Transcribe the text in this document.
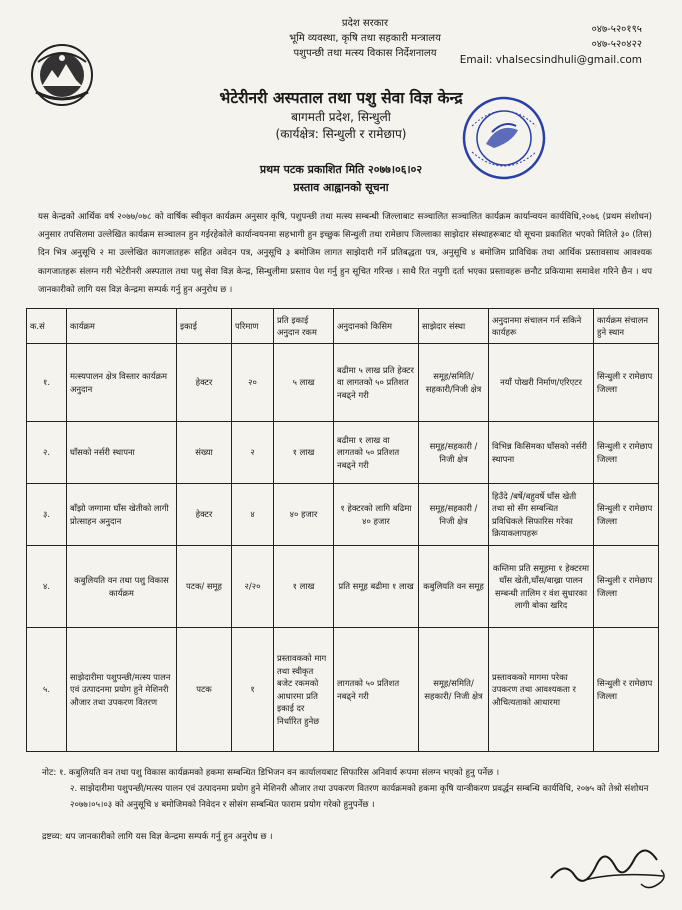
प्रदेश सरकार
भूमि व्यवस्था, कृषि तथा सहकारी मन्त्रालय
पशुपन्छी तथा मत्स्य विकास निर्देशनालय
०४७-५२०१९५
०४७-५२०४२२
Email: vhalsecsindhuli@gmail.com
भेटेरीनरी अस्पताल तथा पशु सेवा विज्ञ केन्द्र
बागमती प्रदेश, सिन्धुली
(कार्यक्षेत्र: सिन्धुली र रामेछाप)
प्रथम पटक प्रकाशित मिति २०७७।०६।०२
प्रस्ताव आह्वानको सूचना
यस केन्द्रको आर्थिक वर्ष २०७७/०७८ को वार्षिक स्वीकृत कार्यक्रम अनुसार कृषि, पशुपन्छी तथा मत्स्य सम्बन्धी जिल्लाबाट सञ्चालित सञ्चालित कार्यक्रम कार्यान्वयन कार्यविधि,२०७६ (प्रथम संशोधन) अनुसार तपसिलमा उल्लेखित कार्यक्रम सञ्चालन हुन गईरहेकोले कार्यान्वयनमा सहभागी हुन इच्छुक सिन्धुली तथा रामेछाप जिल्लाका साझेदार संस्थाहरूबाट यो सूचना प्रकाशित भएको मितिले ३० (तिस) दिन भित्र अनुसूचि २ मा उल्लेखित कागजातहरू सहित अवेदन पत्र, अनुसूचि ३ बमोजिम लागत साझेदारी गर्ने प्रतिबद्धता पत्र, अनुसूचि ४ बमोजिम प्राविधिक तथा आर्थिक प्रस्तावसाथ आवश्यक कागजातहरू संलग्न गरी भेटेरीनरी अस्पताल तथा पशु सेवा विज्ञ केन्द्र, सिन्धुलीमा प्रस्ताव पेश गर्नु हुन सूचित गरिन्छ । साथै रित नपुगी दर्ता भएका प्रस्तावहरू छनौट प्रकियामा समावेश गरिने छैन । थप जानकारीको लागि यस विज्ञ केन्द्रमा सम्पर्क गर्नु हुन अनुरोध छ ।
क.सं	कार्यक्रम	इकाई	परिमाण	प्रति इकाई अनुदान रकम	अनुदानको किसिम	साझेदार संस्था	अनुदानमा संचालन गर्न सकिने कार्यहरू	कार्यक्रम संचालन हुने स्थान
१.	मत्स्यपालन क्षेत्र विस्तार कार्यक्रम अनुदान	हेक्टर	२०	५ लाख	बढीमा ५ लाख प्रति हेक्टर वा लागतको ५० प्रतिशत नबढ्ने गरी	समूह/समिति/ सहकारी/निजी क्षेत्र	नयाँ पोखरी निर्माण/एरिएटर	सिन्धुली र रामेछाप जिल्ला
२.	घाँसको नर्सरी स्थापना	संख्या	२	१ लाख	बढीमा १ लाख वा लागतको ५० प्रतिशत नबढ्ने गरी	समूह/सहकारी / निजी क्षेत्र	विभिन्न किसिमका घाँसको नर्सरी स्थापना	सिन्धुली र रामेछाप जिल्ला
३.	बाँझो जग्गामा घाँस खेतीको लागी प्रोत्साहन अनुदान	हेक्टर	४	४० हजार	१ हेक्टरको लागि बढिमा ४० हजार	समूह/सहकारी / निजी क्षेत्र	हिउँदे /बर्षे/बहुवर्षे घाँस खेती तथा सो सँग सम्बन्धित प्रविधिकले सिफारिस गरेका क्रियाकलापहरू	सिन्धुली र रामेछाप जिल्ला
४.	कबुलियति वन तथा पशु विकास कार्यक्रम	पटक/ समूह	२/२०	१ लाख	प्रति समूह बढीमा १ लाख	कबुलियति वन समूह	कम्तिमा प्रति समूहमा १ हेक्टरमा घाँस खेती,घाँस/बाख्रा पालन सम्बन्धी तालिम र वंश सुधारका लागी बोका खरिद	सिन्धुली र रामेछाप जिल्ला
५.	साझेदारीमा पशुपन्छी/मत्स्य पालन एवं उत्पादनमा प्रयोग हुने मेशिनरी औजार तथा उपकरण वितरण	पटक	१	प्रस्तावकको माग तथा स्वीकृत बजेट रकमको आधारमा प्रति इकाई दर निर्धारित हुनेछ	लागतको ५० प्रतिशत नबढ्ने गरी	समूह/समिति/ सहकारी/ निजी क्षेत्र	प्रस्तावकको मागमा परेका उपकरण तथा आवश्यकता र औचित्यताको आधारमा	सिन्धुली र रामेछाप जिल्ला
नोट: १. कबुलियति वन तथा पशु विकास कार्यक्रमको हकमा सम्बन्धित डिभिजन वन कार्यालयबाट सिफारिस अनिवार्य रूपमा संलग्न भएको हुनु पर्नेछ ।
२. साझेदारीमा पशुपन्छी/मत्स्य पालन एवं उत्पादनमा प्रयोग हुने मेशिनरी औजार तथा उपकरण वितरण कार्यक्रमको हकमा कृषि यान्त्रीकरण प्रवर्द्धन सम्बन्धि कार्यविधि, २०७५ को तेश्रो संशोधन २०७७।०५।०३ को अनुसूचि ४ बमोजिमको निवेदन र सोसंग सम्बन्धित फाराम प्रयोग गरेको हुनुपर्नेछ ।
द्रष्टव्य: थप जानकारीको लागि यस विज्ञ केन्द्रमा सम्पर्क गर्नु हुन अनुरोध छ ।
